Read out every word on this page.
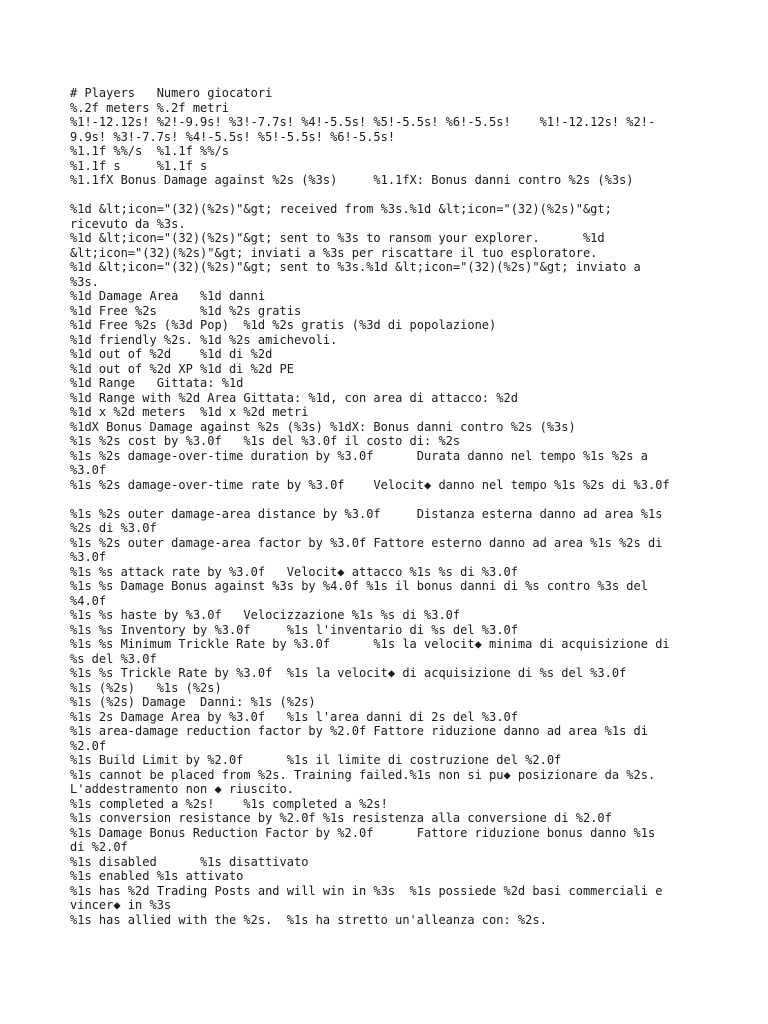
# Players   Numero giocatori
%.2f meters %.2f metri
%1!-12.12s! %2!-9.9s! %3!-7.7s! %4!-5.5s! %5!-5.5s! %6!-5.5s!    %1!-12.12s! %2!-
9.9s! %3!-7.7s! %4!-5.5s! %5!-5.5s! %6!-5.5s!
%1.1f %%/s  %1.1f %%/s
%1.1f s     %1.1f s
%1.1fX Bonus Damage against %2s (%3s)     %1.1fX: Bonus danni contro %2s (%3s)
%1d &lt;icon="(32)(%2s)"&gt; received from %3s.%1d &lt;icon="(32)(%2s)"&gt;
ricevuto da %3s.
%1d &lt;icon="(32)(%2s)"&gt; sent to %3s to ransom your explorer.      %1d
&lt;icon="(32)(%2s)"&gt; inviati a %3s per riscattare il tuo esploratore.
%1d &lt;icon="(32)(%2s)"&gt; sent to %3s.%1d &lt;icon="(32)(%2s)"&gt; inviato a
%3s.
%1d Damage Area   %1d danni
%1d Free %2s      %1d %2s gratis
%1d Free %2s (%3d Pop)  %1d %2s gratis (%3d di popolazione)
%1d friendly %2s. %1d %2s amichevoli.
%1d out of %2d    %1d di %2d
%1d out of %2d XP %1d di %2d PE
%1d Range   Gittata: %1d
%1d Range with %2d Area Gittata: %1d, con area di attacco: %2d
%1d x %2d meters  %1d x %2d metri
%1dX Bonus Damage against %2s (%3s) %1dX: Bonus danni contro %2s (%3s)
%1s %2s cost by %3.0f   %1s del %3.0f il costo di: %2s
%1s %2s damage-over-time duration by %3.0f      Durata danno nel tempo %1s %2s a
%3.0f
%1s %2s damage-over-time rate by %3.0f    Velocit◆ danno nel tempo %1s %2s di %3.0f
%1s %2s outer damage-area distance by %3.0f     Distanza esterna danno ad area %1s
%2s di %3.0f
%1s %2s outer damage-area factor by %3.0f Fattore esterno danno ad area %1s %2s di
%3.0f
%1s %s attack rate by %3.0f   Velocit◆ attacco %1s %s di %3.0f
%1s %s Damage Bonus against %3s by %4.0f %1s il bonus danni di %s contro %3s del
%4.0f
%1s %s haste by %3.0f   Velocizzazione %1s %s di %3.0f
%1s %s Inventory by %3.0f     %1s l'inventario di %s del %3.0f
%1s %s Minimum Trickle Rate by %3.0f      %1s la velocit◆ minima di acquisizione di
%s del %3.0f
%1s %s Trickle Rate by %3.0f  %1s la velocit◆ di acquisizione di %s del %3.0f
%1s (%2s)   %1s (%2s)
%1s (%2s) Damage  Danni: %1s (%2s)
%1s 2s Damage Area by %3.0f   %1s l'area danni di 2s del %3.0f
%1s area-damage reduction factor by %2.0f Fattore riduzione danno ad area %1s di
%2.0f
%1s Build Limit by %2.0f      %1s il limite di costruzione del %2.0f
%1s cannot be placed from %2s. Training failed.%1s non si pu◆ posizionare da %2s.
L'addestramento non ◆ riuscito.
%1s completed a %2s!    %1s completed a %2s!
%1s conversion resistance by %2.0f %1s resistenza alla conversione di %2.0f
%1s Damage Bonus Reduction Factor by %2.0f      Fattore riduzione bonus danno %1s
di %2.0f
%1s disabled      %1s disattivato
%1s enabled %1s attivato
%1s has %2d Trading Posts and will win in %3s  %1s possiede %2d basi commerciali e
vincer◆ in %3s
%1s has allied with the %2s.  %1s ha stretto un'alleanza con: %2s.
